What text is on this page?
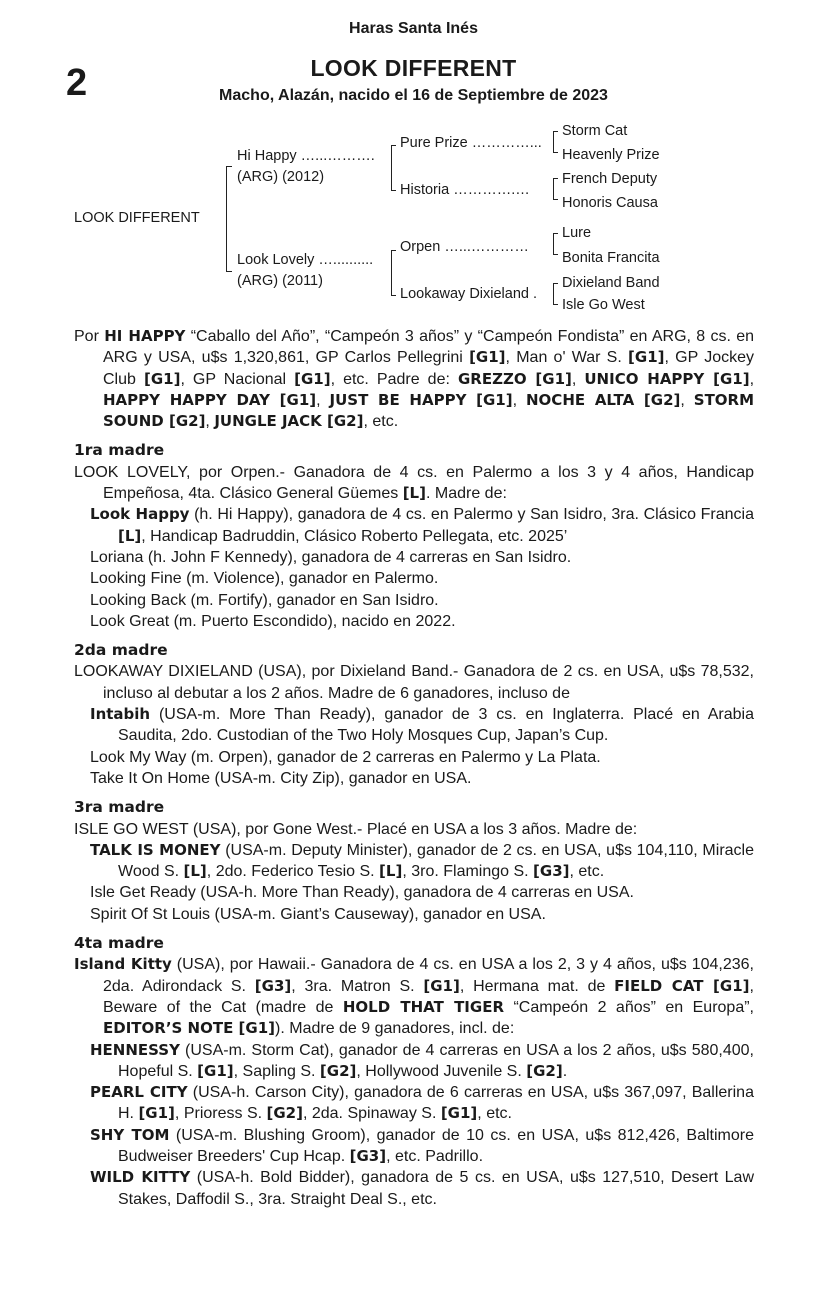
Haras Santa Inés
2	LOOK DIFFERENT
Macho, Alazán, nacido el 16 de Septiembre de 2023
LOOK DIFFERENT
Hi Happy …...……….
(ARG) (2012)
Look Lovely …..........
(ARG) (2011)
Pure Prize …………...
Historia ………….…
Orpen …...…………
Lookaway Dixieland .
Storm Cat
Heavenly Prize
French Deputy
Honoris Causa
Lure
Bonita Francita
Dixieland Band
Isle Go West

Por HI HAPPY “Caballo del Año”, “Campeón 3 años” y “Campeón Fondista” en ARG, 8 cs. en ARG y USA, u$s 1,320,861, GP Carlos Pellegrini [G1], Man o' War S. [G1], GP Jockey Club [G1], GP Nacional [G1], etc. Padre de: GREZZO [G1], UNICO HAPPY [G1], HAPPY HAPPY DAY [G1], JUST BE HAPPY [G1], NOCHE ALTA [G2], STORM SOUND [G2], JUNGLE JACK [G2], etc.

1ra madre

LOOK LOVELY, por Orpen.- Ganadora de 4 cs. en Palermo a los 3 y 4 años, Handicap Empeñosa, 4ta. Clásico General Güemes [L]. Madre de:

Look Happy (h. Hi Happy), ganadora de 4 cs. en Palermo y San Isidro, 3ra. Clásico Francia [L], Handicap Badruddin, Clásico Roberto Pellegata, etc. 2025’

Loriana (h. John F Kennedy), ganadora de 4 carreras en San Isidro.

Looking Fine (m. Violence), ganador en Palermo.

Looking Back (m. Fortify), ganador en San Isidro.

Look Great (m. Puerto Escondido), nacido en 2022.

2da madre

LOOKAWAY DIXIELAND (USA), por Dixieland Band.- Ganadora de 2 cs. en USA, u$s 78,532, incluso al debutar a los 2 años. Madre de 6 ganadores, incluso de

Intabih (USA-m. More Than Ready), ganador de 3 cs. en Inglaterra. Placé en Arabia Saudita, 2do. Custodian of the Two Holy Mosques Cup, Japan’s Cup.

Look My Way (m. Orpen), ganador de 2 carreras en Palermo y La Plata.

Take It On Home (USA-m. City Zip), ganador en USA.

3ra madre

ISLE GO WEST (USA), por Gone West.- Placé en USA a los 3 años. Madre de:

TALK IS MONEY (USA-m. Deputy Minister), ganador de 2 cs. en USA, u$s 104,110, Miracle Wood S. [L], 2do. Federico Tesio S. [L], 3ro. Flamingo S. [G3], etc.

Isle Get Ready (USA-h. More Than Ready), ganadora de 4 carreras en USA.

Spirit Of St Louis (USA-m. Giant’s Causeway), ganador en USA.

4ta madre

Island Kitty (USA), por Hawaii.- Ganadora de 4 cs. en USA a los 2, 3 y 4 años, u$s 104,236, 2da. Adirondack S. [G3], 3ra. Matron S. [G1], Hermana mat. de FIELD CAT [G1], Beware of the Cat (madre de HOLD THAT TIGER “Campeón 2 años” en Europa”, EDITOR’S NOTE [G1]). Madre de 9 ganadores, incl. de:

HENNESSY (USA-m. Storm Cat), ganador de 4 carreras en USA a los 2 años, u$s 580,400, Hopeful S. [G1], Sapling S. [G2], Hollywood Juvenile S. [G2].

PEARL CITY (USA-h. Carson City), ganadora de 6 carreras en USA, u$s 367,097, Ballerina H. [G1], Prioress S. [G2], 2da. Spinaway S. [G1], etc.

SHY TOM (USA-m. Blushing Groom), ganador de 10 cs. en USA, u$s 812,426, Baltimore Budweiser Breeders' Cup Hcap. [G3], etc. Padrillo.

WILD KITTY (USA-h. Bold Bidder), ganadora de 5 cs. en USA, u$s 127,510, Desert Law Stakes, Daffodil S., 3ra. Straight Deal S., etc.
